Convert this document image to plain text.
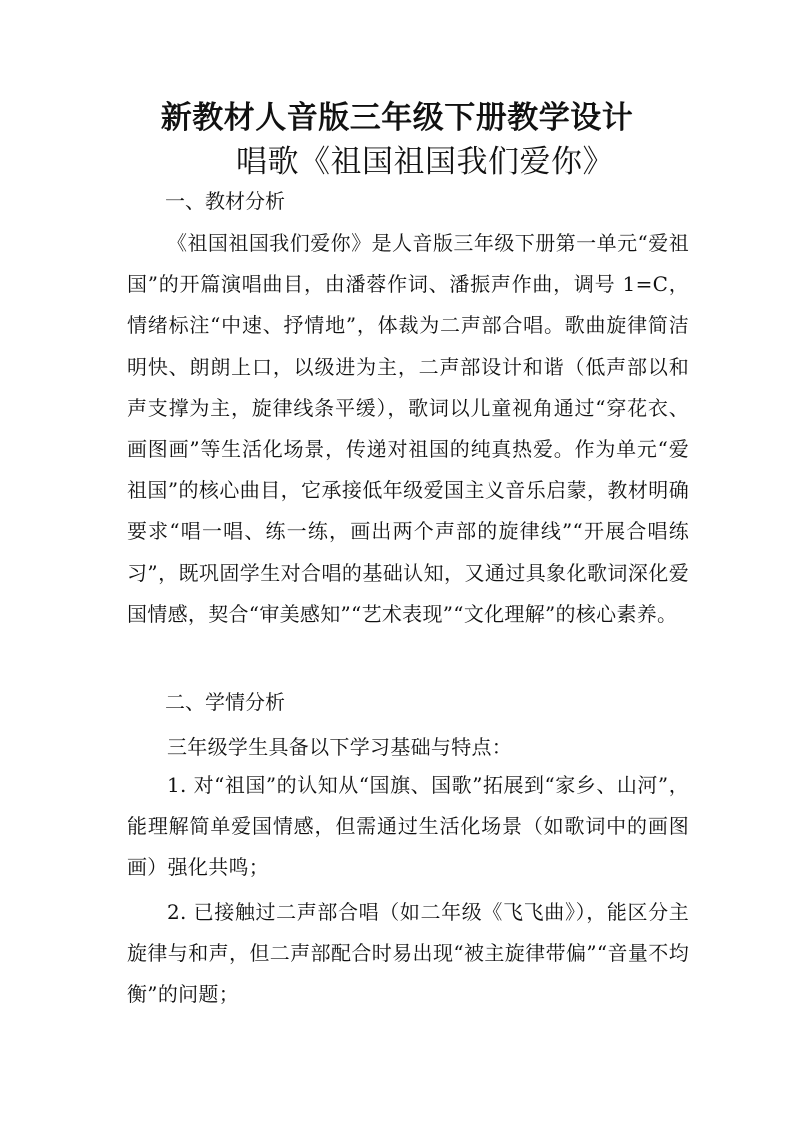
新教材人音版三年级下册教学设计
唱歌《祖国祖国我们爱你》
一、教材分析
《祖国祖国我们爱你》是人音版三年级下册第一单元“爱祖国”的开篇演唱曲目，由潘蓉作词、潘振声作曲，调号 1=C，情绪标注“中速、抒情地”，体裁为二声部合唱。歌曲旋律简洁明快、朗朗上口，以级进为主，二声部设计和谐（低声部以和声支撑为主，旋律线条平缓），歌词以儿童视角通过“穿花衣、画图画”等生活化场景，传递对祖国的纯真热爱。作为单元“爱祖国”的核心曲目，它承接低年级爱国主义音乐启蒙，教材明确要求“唱一唱、练一练，画出两个声部的旋律线”“开展合唱练习”，既巩固学生对合唱的基础认知，又通过具象化歌词深化爱国情感，契合“审美感知”“艺术表现”“文化理解”的核心素养。
二、学情分析
三年级学生具备以下学习基础与特点：
1. 对“祖国”的认知从“国旗、国歌”拓展到“家乡、山河”，能理解简单爱国情感，但需通过生活化场景（如歌词中的画图画）强化共鸣；
2. 已接触过二声部合唱（如二年级《飞飞曲》），能区分主旋律与和声，但二声部配合时易出现“被主旋律带偏”“音量不均衡”的问题；
